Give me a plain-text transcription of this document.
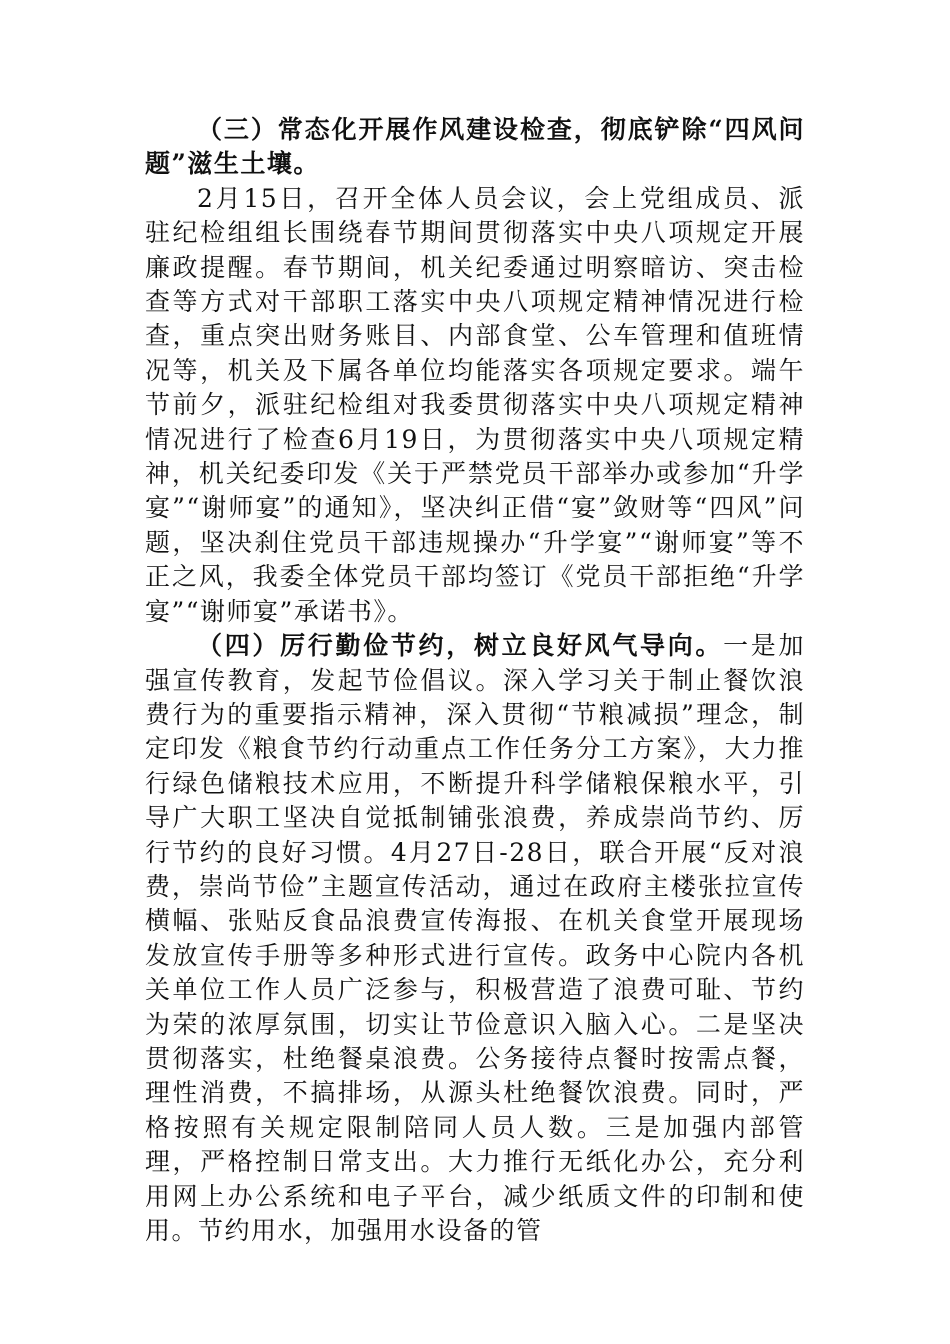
（三）常态化开展作风建设检查，彻底铲除“四风问题”滋生土壤。

2月15日，召开全体人员会议，会上党组成员、派驻纪检组组长围绕春节期间贯彻落实中央八项规定开展廉政提醒。春节期间，机关纪委通过明察暗访、突击检查等方式对干部职工落实中央八项规定精神情况进行检查，重点突出财务账目、内部食堂、公车管理和值班情况等，机关及下属各单位均能落实各项规定要求。端午节前夕，派驻纪检组对我委贯彻落实中央八项规定精神情况进行了检查6月19日，为贯彻落实中央八项规定精神，机关纪委印发《关于严禁党员干部举办或参加“升学宴”“谢师宴”的通知》，坚决纠正借“宴”敛财等“四风”问题，坚决刹住党员干部违规操办“升学宴”“谢师宴”等不正之风，我委全体党员干部均签订《党员干部拒绝“升学宴”“谢师宴”承诺书》。

（四）厉行勤俭节约，树立良好风气导向。一是加强宣传教育，发起节俭倡议。深入学习关于制止餐饮浪费行为的重要指示精神，深入贯彻“节粮减损”理念，制定印发《粮食节约行动重点工作任务分工方案》，大力推行绿色储粮技术应用，不断提升科学储粮保粮水平，引导广大职工坚决自觉抵制铺张浪费，养成崇尚节约、厉行节约的良好习惯。4月27日-28日，联合开展“反对浪费，崇尚节俭”主题宣传活动，通过在政府主楼张拉宣传横幅、张贴反食品浪费宣传海报、在机关食堂开展现场发放宣传手册等多种形式进行宣传。政务中心院内各机关单位工作人员广泛参与，积极营造了浪费可耻、节约为荣的浓厚氛围，切实让节俭意识入脑入心。二是坚决贯彻落实，杜绝餐桌浪费。公务接待点餐时按需点餐，理性消费，不搞排场，从源头杜绝餐饮浪费。同时，严格按照有关规定限制陪同人员人数。三是加强内部管理，严格控制日常支出。大力推行无纸化办公，充分利用网上办公系统和电子平台，减少纸质文件的印制和使用。节约用水，加强用水设备的管
